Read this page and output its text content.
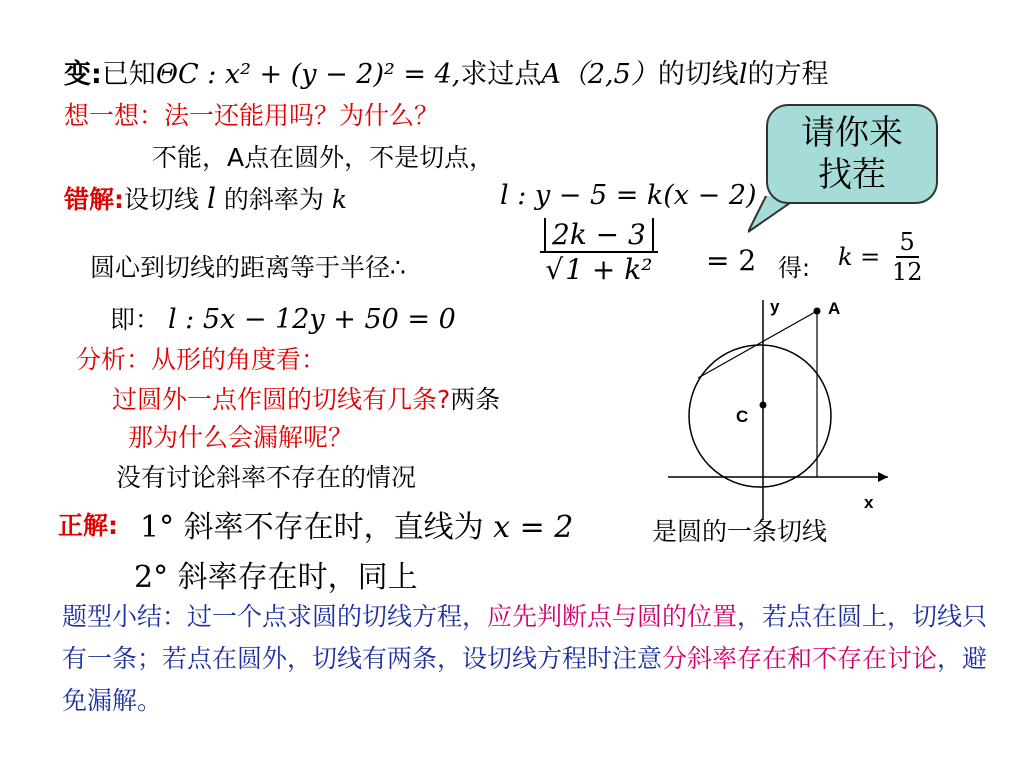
变:已知ΘC : x² + (y − 2)² = 4,求过点A（2,5）的切线l的方程
想一想：法一还能用吗？为什么？
不能，A点在圆外，不是切点，
请你来
找茬
错解:设切线 l 的斜率为 k	l : y − 5 = k(x − 2)
圆心到切线的距离等于半径∴	$\frac{2k - 3}{\text{√1 + k²}} = 2$ 得: $k = \frac{5}{12}$
即： l : 5x − 12y + 50 = 0
分析：从形的角度看：
过圆外一点作圆的切线有几条?两条
那为什么会漏解呢？
没有讨论斜率不存在的情况
y	A
C
x
正解: 1° 斜率不存在时，直线为 x = 2	是圆的一条切线
2° 斜率存在时，同上
题型小结：过一个点求圆的切线方程，应先判断点与圆的位置，若点在圆上，切线只有一条；若点在圆外，切线有两条，设切线方程时注意分斜率存在和不存在讨论，避免漏解。
